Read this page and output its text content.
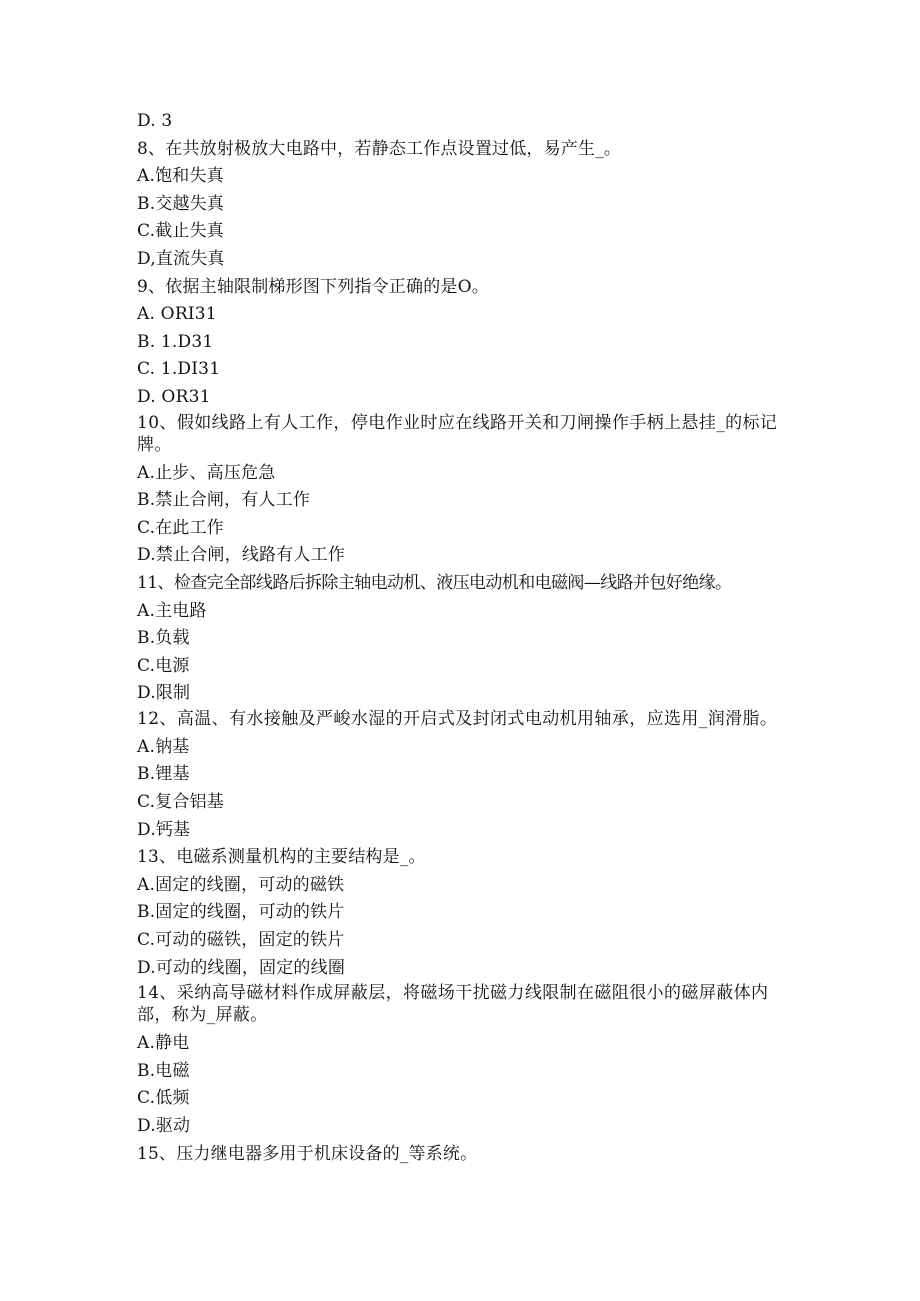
D. 3
8、在共放射极放大电路中，若静态工作点设置过低，易产生_。
A.饱和失真
B.交越失真
C.截止失真
D,直流失真
9、依据主轴限制梯形图下列指令正确的是O。
A. ORI31
B. 1.D31
C. 1.DI31
D. OR31
10、假如线路上有人工作，停电作业时应在线路开关和刀闸操作手柄上悬挂_的标记牌。
A.止步、高压危急
B.禁止合闸，有人工作
C.在此工作
D.禁止合闸，线路有人工作
11、检查完全部线路后拆除主轴电动机、液压电动机和电磁阀—线路并包好绝缘。
A.主电路
B.负载
C.电源
D.限制
12、高温、有水接触及严峻水湿的开启式及封闭式电动机用轴承，应选用_润滑脂。
A.钠基
B.锂基
C.复合铝基
D.钙基
13、电磁系测量机构的主要结构是_。
A.固定的线圈，可动的磁铁
B.固定的线圈，可动的铁片
C.可动的磁铁，固定的铁片
D.可动的线圈，固定的线圈
14、采纳高导磁材料作成屏蔽层，将磁场干扰磁力线限制在磁阻很小的磁屏蔽体内部，称为_屏蔽。
A.静电
B.电磁
C.低频
D.驱动
15、压力继电器多用于机床设备的_等系统。
